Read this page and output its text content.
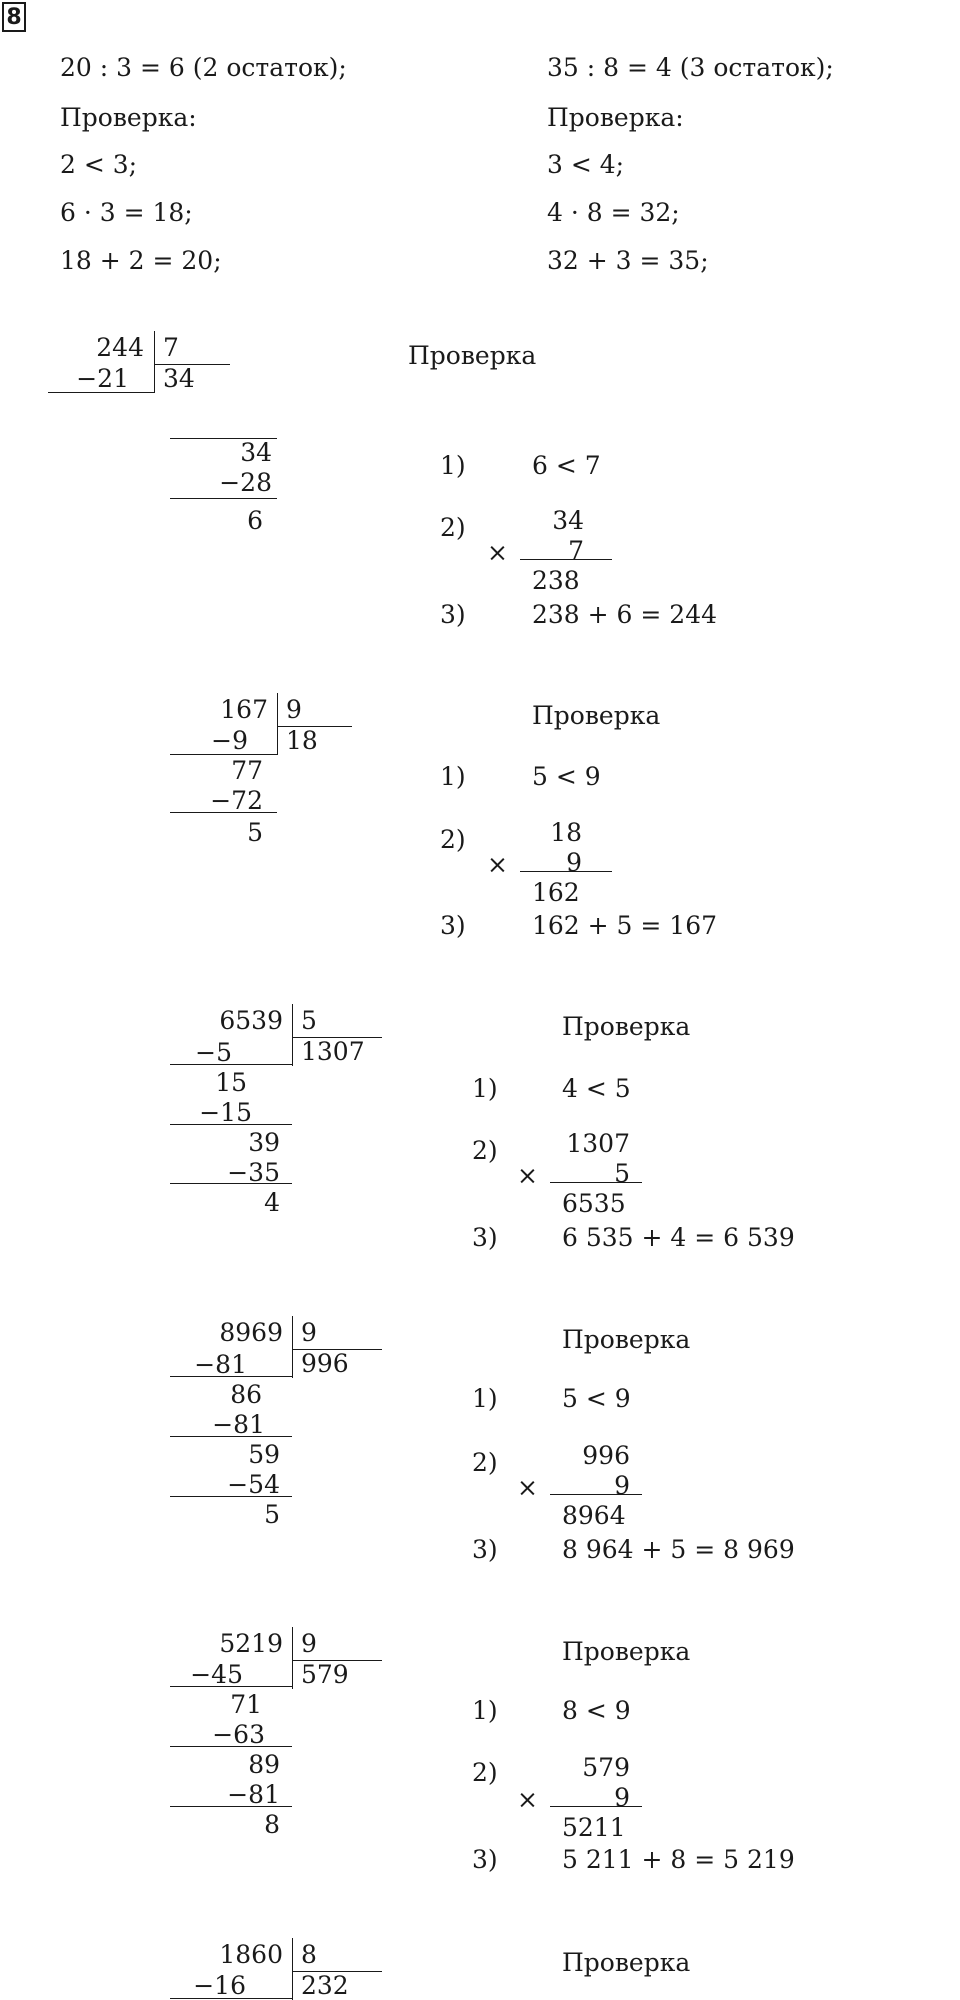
8
20 : 3 = 6 (2 остаток);	35 : 8 = 4 (3 остаток);
Проверка:	Проверка:
2 < 3;	3 < 4;
6 · 3 = 18;	4 · 8 = 32;
18 + 2 = 20;	32 + 3 = 35;
244 7
34
−21
34
−28
6
167 9
18
−9
77
−72
5
6539 5
1307
−5
15
−15
39
−35
4
8969 9
996
−81
86
−81
59
−54
5
5219 9
579
−45
71
−63
89
−81
8
1860 8
232
−16
Проверка
1)
2)
3)
6 < 7
34
7
×
238
238 + 6 = 244
Проверка
1)
2)
3)
5 < 9
18
9
×
162
162 + 5 = 167
Проверка
1)
2)
3)
4 < 5
1307
5
×
6535
6 535 + 4 = 6 539
Проверка
1)
2)
3)
5 < 9
996
9
×
8964
8 964 + 5 = 8 969
Проверка
1)
2)
3)
8 < 9
579
9
×
5211
5 211 + 8 = 5 219
Проверка
